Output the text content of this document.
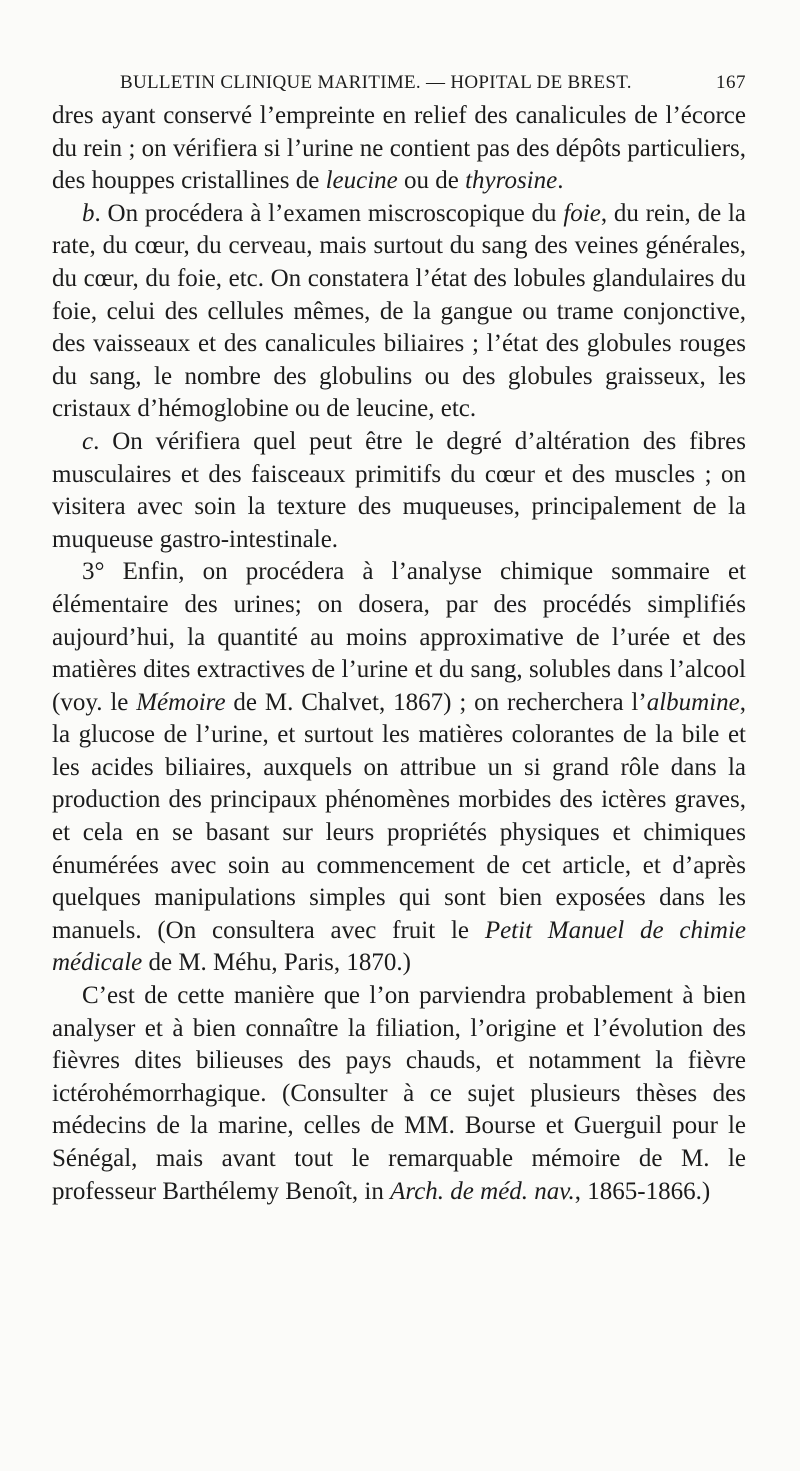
BULLETIN CLINIQUE MARITIME. — HOPITAL DE BREST.	167

dres ayant conservé l’empreinte en relief des canalicules de l’écorce du rein ; on vérifiera si l’urine ne contient pas des dépôts particuliers, des houppes cristallines de leucine ou de thyrosine.

b. On procédera à l’examen miscroscopique du foie, du rein, de la rate, du cœur, du cerveau, mais surtout du sang des veines générales, du cœur, du foie, etc. On constatera l’état des lobules glandulaires du foie, celui des cellules mêmes, de la gangue ou trame conjonctive, des vaisseaux et des canalicules biliaires ; l’état des globules rouges du sang, le nombre des globulins ou des globules graisseux, les cristaux d’hémoglobine ou de leucine, etc.

c. On vérifiera quel peut être le degré d’altération des fibres musculaires et des faisceaux primitifs du cœur et des muscles ; on visitera avec soin la texture des muqueuses, principalement de la muqueuse gastro-intestinale.

3° Enfin, on procédera à l’analyse chimique sommaire et élémentaire des urines; on dosera, par des procédés simplifiés aujourd’hui, la quantité au moins approximative de l’urée et des matières dites extractives de l’urine et du sang, solubles dans l’alcool (voy. le Mémoire de M. Chalvet, 1867) ; on recherchera l’albumine, la glucose de l’urine, et surtout les matières colorantes de la bile et les acides biliaires, auxquels on attribue un si grand rôle dans la production des principaux phénomènes morbides des ictères graves, et cela en se basant sur leurs propriétés physiques et chimiques énumérées avec soin au commencement de cet article, et d’après quelques manipulations simples qui sont bien exposées dans les manuels. (On consultera avec fruit le Petit Manuel de chimie médicale de M. Méhu, Paris, 1870.)

C’est de cette manière que l’on parviendra probablement à bien analyser et à bien connaître la filiation, l’origine et l’évolution des fièvres dites bilieuses des pays chauds, et notamment la fièvre ictérohémorrhagique. (Consulter à ce sujet plusieurs thèses des médecins de la marine, celles de MM. Bourse et Guerguil pour le Sénégal, mais avant tout le remarquable mémoire de M. le professeur Barthélemy Benoît, in Arch. de méd. nav., 1865-1866.)
